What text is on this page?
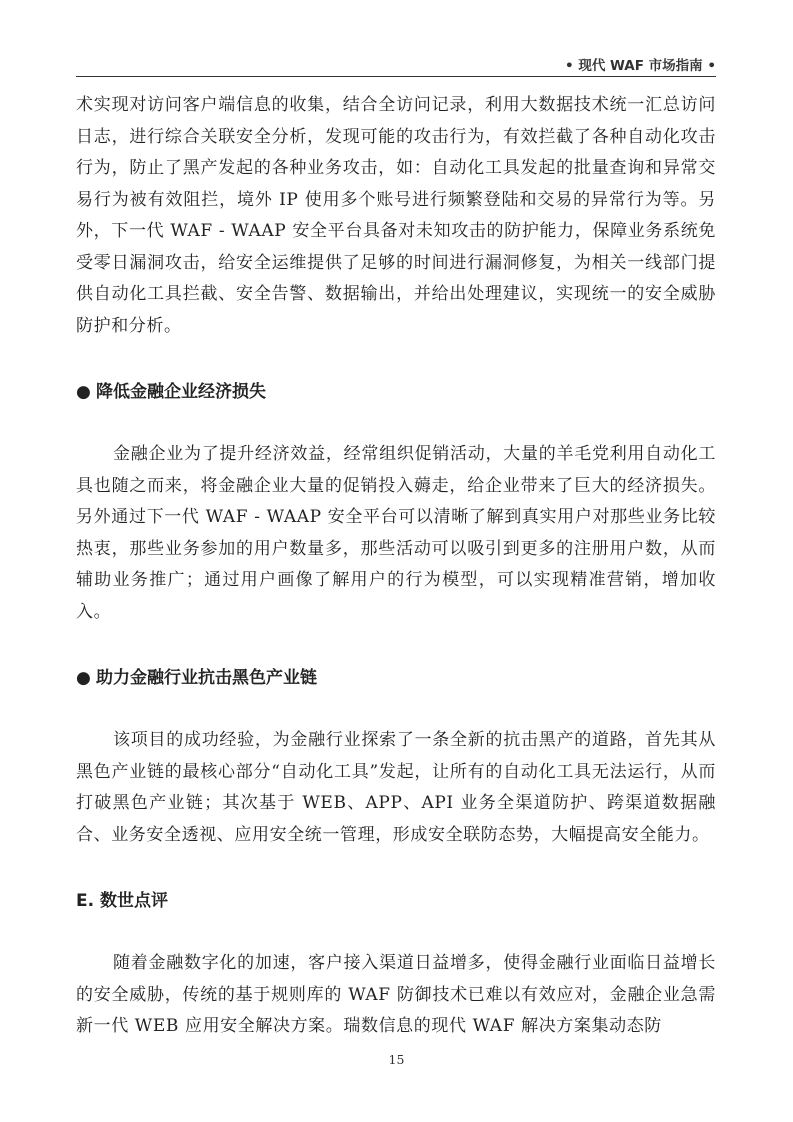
• 现代 WAF 市场指南 •

术实现对访问客户端信息的收集，结合全访问记录，利用大数据技术统一汇总访问日志，进行综合关联安全分析，发现可能的攻击行为，有效拦截了各种自动化攻击行为，防止了黑产发起的各种业务攻击，如：自动化工具发起的批量查询和异常交易行为被有效阻拦，境外 IP 使用多个账号进行频繁登陆和交易的异常行为等。另外，下一代 WAF - WAAP 安全平台具备对未知攻击的防护能力，保障业务系统免受零日漏洞攻击，给安全运维提供了足够的时间进行漏洞修复，为相关一线部门提供自动化工具拦截、安全告警、数据输出，并给出处理建议，实现统一的安全威胁防护和分析。

● 降低金融企业经济损失

金融企业为了提升经济效益，经常组织促销活动，大量的羊毛党利用自动化工具也随之而来，将金融企业大量的促销投入薅走，给企业带来了巨大的经济损失。另外通过下一代 WAF - WAAP 安全平台可以清晰了解到真实用户对那些业务比较热衷，那些业务参加的用户数量多，那些活动可以吸引到更多的注册用户数，从而辅助业务推广；通过用户画像了解用户的行为模型，可以实现精准营销，增加收入。

● 助力金融行业抗击黑色产业链

该项目的成功经验，为金融行业探索了一条全新的抗击黑产的道路，首先其从黑色产业链的最核心部分“自动化工具”发起，让所有的自动化工具无法运行，从而打破黑色产业链；其次基于 WEB、APP、API 业务全渠道防护、跨渠道数据融合、业务安全透视、应用安全统一管理，形成安全联防态势，大幅提高安全能力。

E. 数世点评

随着金融数字化的加速，客户接入渠道日益增多，使得金融行业面临日益增长的安全威胁，传统的基于规则库的 WAF 防御技术已难以有效应对，金融企业急需新一代 WEB 应用安全解决方案。瑞数信息的现代 WAF 解决方案集动态防

15
